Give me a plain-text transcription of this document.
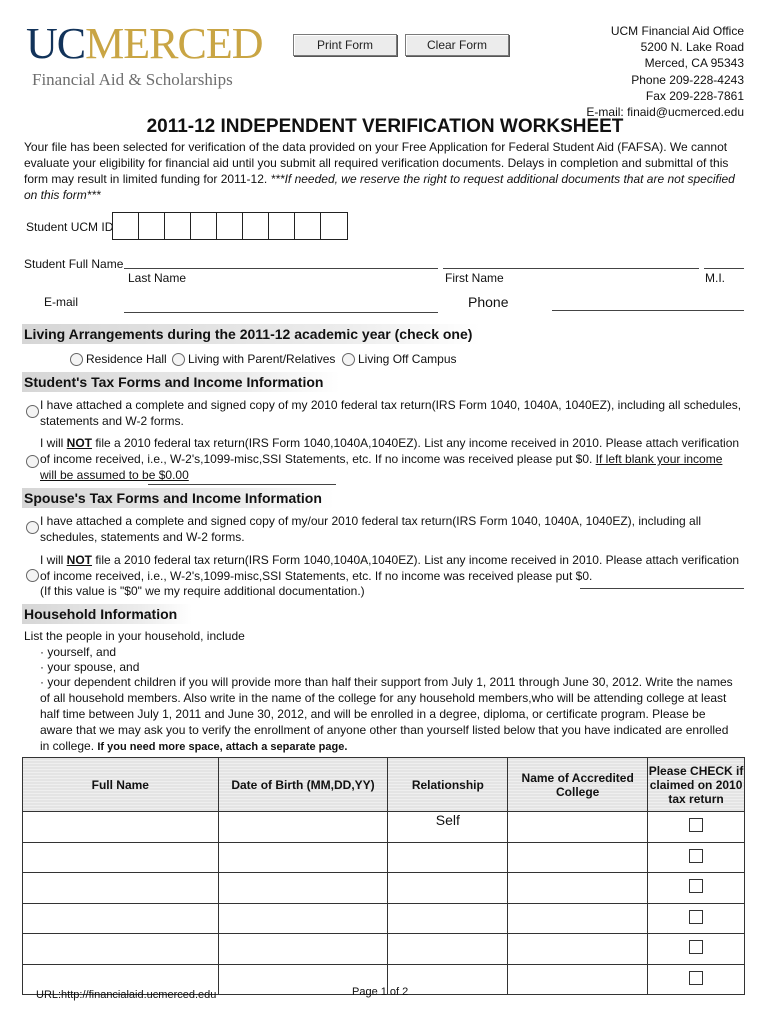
UCMERCED
Financial Aid & Scholarships
Print Form	Clear Form
UCM Financial Aid Office
5200 N. Lake Road
Merced, CA 95343
Phone 209-228-4243
Fax 209-228-7861
E-mail: finaid@ucmerced.edu
2011-12 INDEPENDENT VERIFICATION WORKSHEET
Your file has been selected for verification of the data provided on your Free Application for Federal Student Aid (FAFSA). We cannot evaluate your eligibility for financial aid until you submit all required verification documents. Delays in completion and submittal of this form may result in limited funding for 2011-12. ***If needed, we reserve the right to request additional documents that are not specified on this form***
Student UCM ID
Student Full Name
Last Name	First Name	M.I.
E-mail	Phone
Living Arrangements during the 2011-12 academic year (check one)
Residence Hall Living with Parent/Relatives Living Off Campus
Student's Tax Forms and Income Information
I have attached a complete and signed copy of my 2010 federal tax return(IRS Form 1040, 1040A, 1040EZ), including all schedules, statements and W-2 forms.
I will NOT file a 2010 federal tax return(IRS Form 1040,1040A,1040EZ). List any income received in 2010. Please attach verification of income received, i.e., W-2's,1099-misc,SSI Statements, etc. If no income was received please put $0. If left blank your income will be assumed to be $0.00
Spouse's Tax Forms and Income Information
I have attached a complete and signed copy of my/our 2010 federal tax return(IRS Form 1040, 1040A, 1040EZ), including all schedules, statements and W-2 forms.
I will NOT file a 2010 federal tax return(IRS Form 1040,1040A,1040EZ). List any income received in 2010. Please attach verification of income received, i.e., W-2's,1099-misc,SSI Statements, etc. If no income was received please put $0.
(If this value is "$0" we my require additional documentation.)
Household Information
List the people in your household, include
· yourself, and
· your spouse, and
· your dependent children if you will provide more than half their support from July 1, 2011 through June 30, 2012. Write the names of all household members. Also write in the name of the college for any household members,who will be attending college at least half time between July 1, 2011 and June 30, 2012, and will be enrolled in a degree, diploma, or certificate program. Please be aware that we may ask you to verify the enrollment of anyone other than yourself listed below that you have indicated are enrolled in college. If you need more space, attach a separate page.
Full Name	Date of Birth (MM,DD,YY)	Relationship	Name of Accredited College	Please CHECK if claimed on 2010 tax return
		Self		

URL:http://financialaid.ucmerced.edu	Page 1 of 2
